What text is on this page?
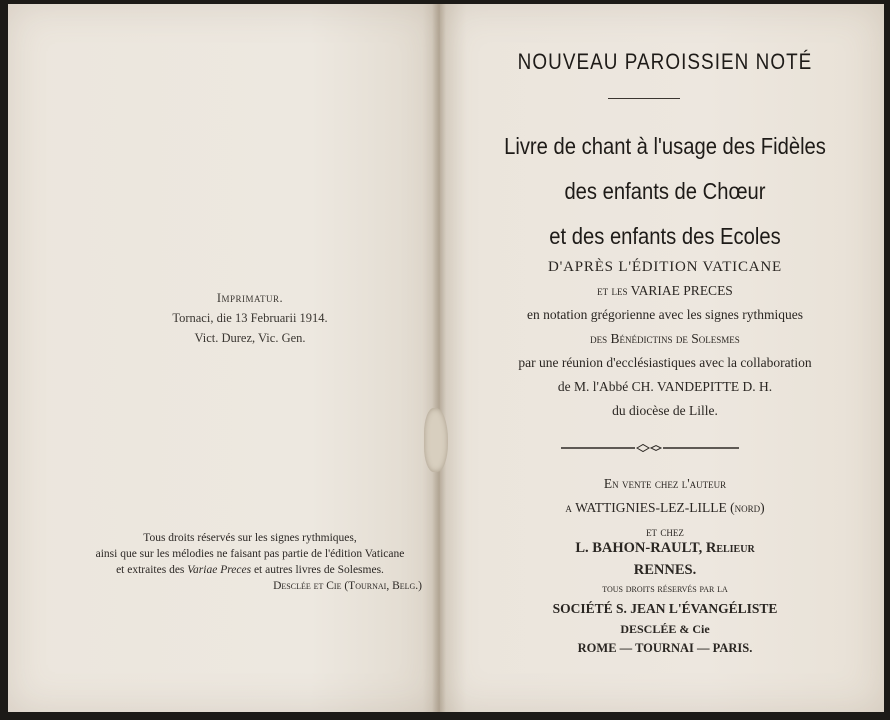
Imprimatur.
Tornaci, die 13 Februarii 1914.
Vict. Durez, Vic. Gen.
Tous droits réservés sur les signes rythmiques,
ainsi que sur les mélodies ne faisant pas partie de l'édition Vaticane
et extraites des Variae Preces et autres livres de Solesmes.
Desclée et Cie (Tournai, Belg.)
NOUVEAU PAROISSIEN NOTÉ
Livre de chant à l'usage des Fidèles
des enfants de Chœur
et des enfants des Ecoles
D'APRÈS L'ÉDITION VATICANE
et les VARIAE PRECES
en notation grégorienne avec les signes rythmiques
des Bénédictins de Solesmes
par une réunion d'ecclésiastiques avec la collaboration
de M. l'Abbé CH. VANDEPITTE D. H.
du diocèse de Lille.
En vente chez l'auteur
a WATTIGNIES-LEZ-LILLE (nord)
et chez
L. BAHON-RAULT, Relieur
RENNES.
tous droits réservés par la
SOCIÉTÉ S. JEAN L'ÉVANGÉLISTE
DESCLÉE & Cie
ROME — TOURNAI — PARIS.
